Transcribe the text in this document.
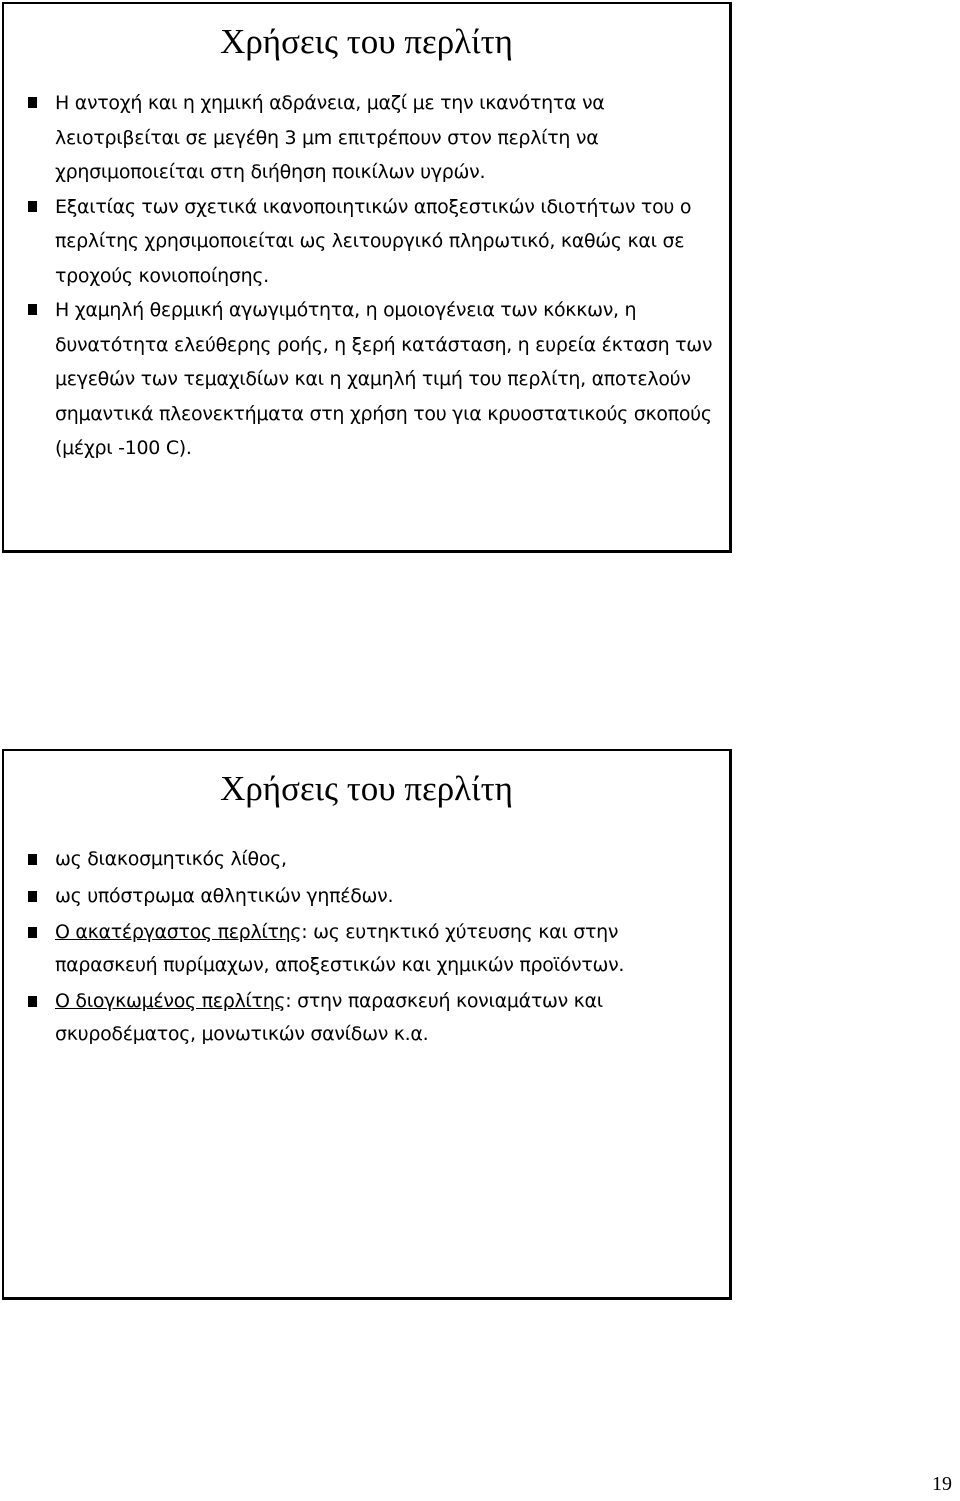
Χρήσεις του περλίτη
Η αντοχή και η χημική αδράνεια, μαζί με την ικανότητα να λειοτριβείται σε μεγέθη 3 μm επιτρέπουν στον περλίτη να χρησιμοποιείται στη διήθηση ποικίλων υγρών.
Εξαιτίας των σχετικά ικανοποιητικών αποξεστικών ιδιοτήτων του ο περλίτης χρησιμοποιείται ως λειτουργικό πληρωτικό, καθώς και σε τροχούς κονιοποίησης.
Η χαμηλή θερμική αγωγιμότητα, η ομοιογένεια των κόκκων, η δυνατότητα ελεύθερης ροής, η ξερή κατάσταση, η ευρεία έκταση των μεγεθών των τεμαχιδίων και η χαμηλή τιμή του περλίτη, αποτελούν σημαντικά πλεονεκτήματα στη χρήση του για κρυοστατικούς σκοπούς (μέχρι -100 C).
Χρήσεις του περλίτη
ως διακοσμητικός λίθος,
ως υπόστρωμα αθλητικών γηπέδων.
Ο ακατέργαστος περλίτης: ως ευτηκτικό χύτευσης και στην παρασκευή πυρίμαχων, αποξεστικών και χημικών προϊόντων.
Ο διογκωμένος περλίτης: στην παρασκευή κονιαμάτων και σκυροδέματος, μονωτικών σανίδων κ.α.
19
